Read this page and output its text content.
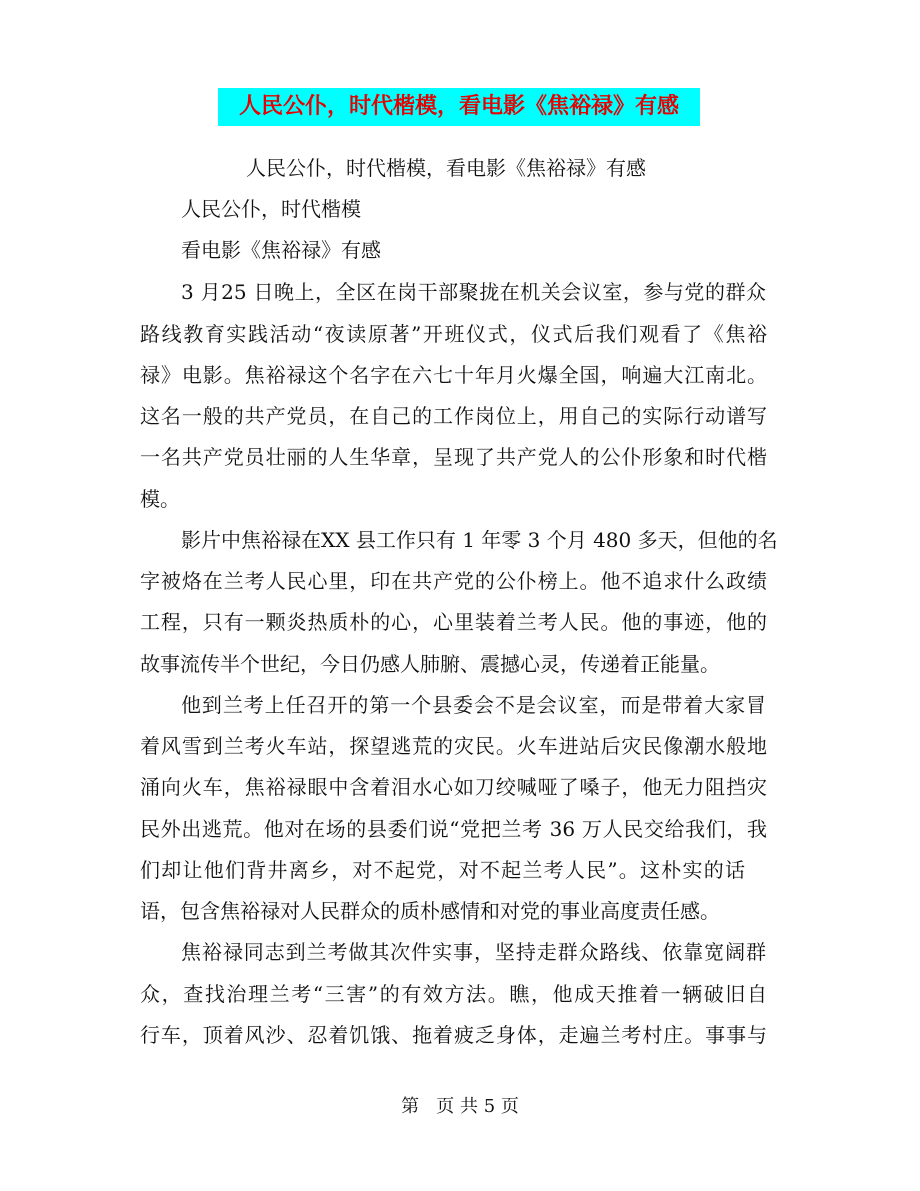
人民公仆，时代楷模，看电影《焦裕禄》有感
人民公仆，时代楷模，看电影《焦裕禄》有感
人民公仆，时代楷模
看电影《焦裕禄》有感
3 月25 日晚上，全区在岗干部聚拢在机关会议室，参与党的群众
路线教育实践活动“夜读原著”开班仪式，仪式后我们观看了《焦裕
禄》电影。焦裕禄这个名字在六七十年月火爆全国，响遍大江南北。
这名一般的共产党员，在自己的工作岗位上，用自己的实际行动谱写
一名共产党员壮丽的人生华章，呈现了共产党人的公仆形象和时代楷
模。
影片中焦裕禄在XX 县工作只有 1 年零 3 个月 480 多天，但他的名
字被烙在兰考人民心里，印在共产党的公仆榜上。他不追求什么政绩
工程，只有一颗炎热质朴的心，心里装着兰考人民。他的事迹，他的
故事流传半个世纪，今日仍感人肺腑、震撼心灵，传递着正能量。
他到兰考上任召开的第一个县委会不是会议室，而是带着大家冒
着风雪到兰考火车站，探望逃荒的灾民。火车进站后灾民像潮水般地
涌向火车，焦裕禄眼中含着泪水心如刀绞喊哑了嗓子，他无力阻挡灾
民外出逃荒。他对在场的县委们说“党把兰考 36 万人民交给我们，我
们却让他们背井离乡，对不起党，对不起兰考人民”。这朴实的话
语，包含焦裕禄对人民群众的质朴感情和对党的事业高度责任感。
焦裕禄同志到兰考做其次件实事，坚持走群众路线、依靠宽阔群
众，查找治理兰考“三害”的有效方法。瞧，他成天推着一辆破旧自
行车，顶着风沙、忍着饥饿、拖着疲乏身体，走遍兰考村庄。事事与
第   页 共 5 页
